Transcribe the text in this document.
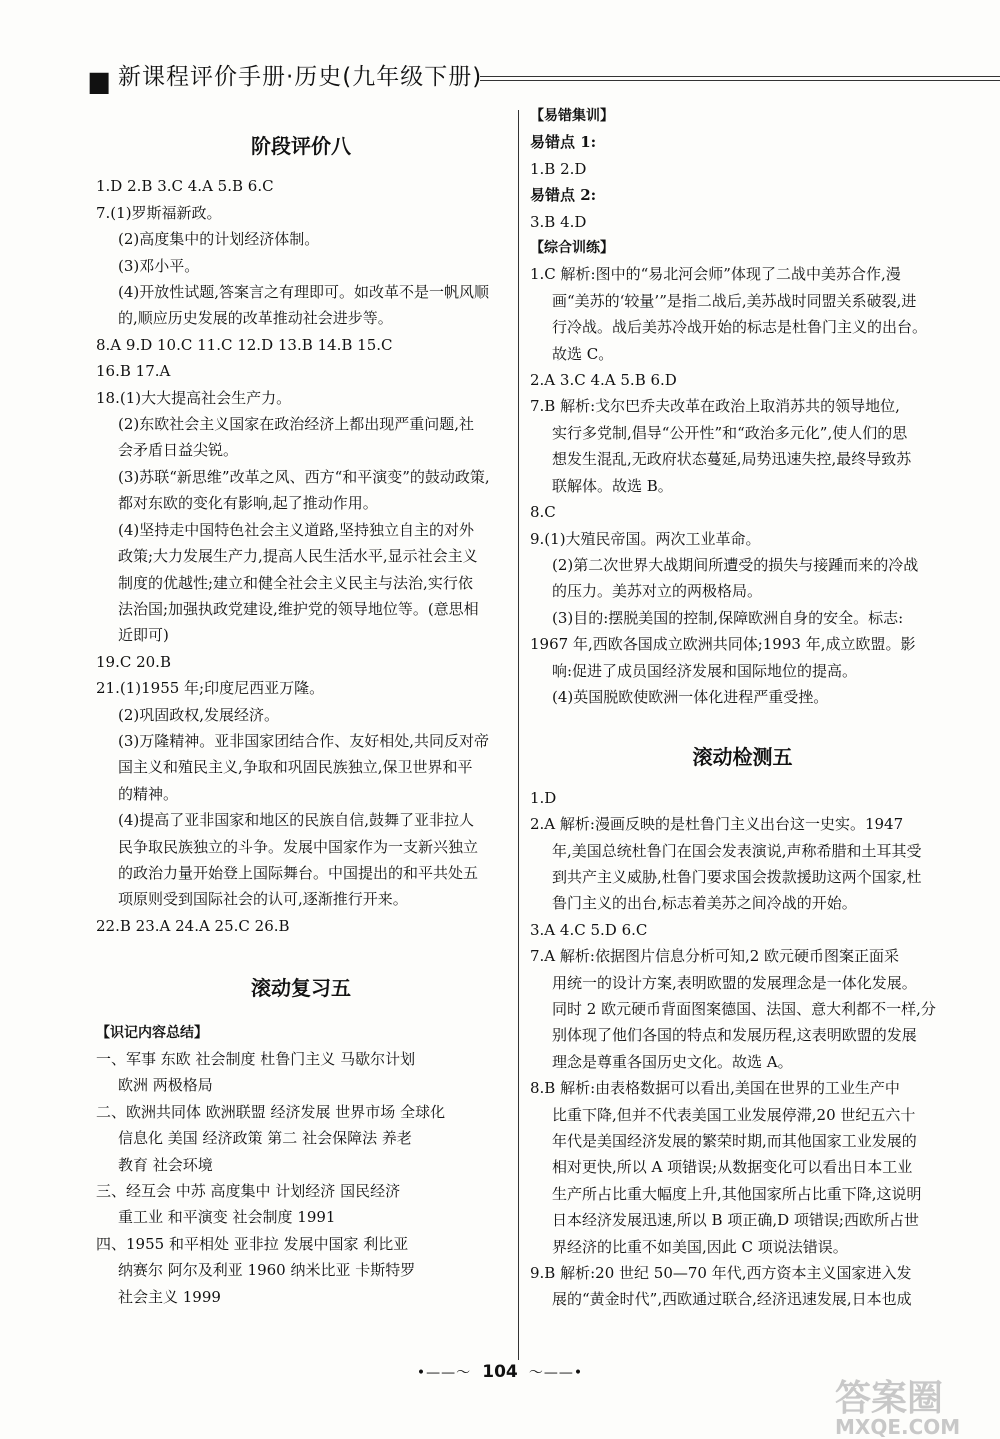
▆ 新课程评价手册·历史(九年级下册)
阶段评价八
1.D 2.B 3.C 4.A 5.B 6.C
7.(1)罗斯福新政。
(2)高度集中的计划经济体制。
(3)邓小平。
(4)开放性试题,答案言之有理即可。如改革不是一帆风顺
的,顺应历史发展的改革推动社会进步等。
8.A 9.D 10.C 11.C 12.D 13.B 14.B 15.C
16.B 17.A
18.(1)大大提高社会生产力。
(2)东欧社会主义国家在政治经济上都出现严重问题,社
会矛盾日益尖锐。
(3)苏联“新思维”改革之风、西方“和平演变”的鼓动政策,
都对东欧的变化有影响,起了推动作用。
(4)坚持走中国特色社会主义道路,坚持独立自主的对外
政策;大力发展生产力,提高人民生活水平,显示社会主义
制度的优越性;建立和健全社会主义民主与法治,实行依
法治国;加强执政党建设,维护党的领导地位等。(意思相
近即可)
19.C 20.B
21.(1)1955 年;印度尼西亚万隆。
(2)巩固政权,发展经济。
(3)万隆精神。亚非国家团结合作、友好相处,共同反对帝
国主义和殖民主义,争取和巩固民族独立,保卫世界和平
的精神。
(4)提高了亚非国家和地区的民族自信,鼓舞了亚非拉人
民争取民族独立的斗争。发展中国家作为一支新兴独立
的政治力量开始登上国际舞台。中国提出的和平共处五
项原则受到国际社会的认可,逐渐推行开来。
22.B 23.A 24.A 25.C 26.B
滚动复习五
【识记内容总结】
一、军事 东欧 社会制度 杜鲁门主义 马歇尔计划
欧洲 两极格局
二、欧洲共同体 欧洲联盟 经济发展 世界市场 全球化
信息化 美国 经济政策 第二 社会保障法 养老
教育 社会环境
三、经互会 中苏 高度集中 计划经济 国民经济
重工业 和平演变 社会制度 1991
四、1955 和平相处 亚非拉 发展中国家 利比亚
纳赛尔 阿尔及利亚 1960 纳米比亚 卡斯特罗
社会主义 1999
【易错集训】
易错点 1:
1.B 2.D
易错点 2:
3.B 4.D
【综合训练】
1.C 解析:图中的“易北河会师”体现了二战中美苏合作,漫
画“美苏的‘较量’”是指二战后,美苏战时同盟关系破裂,进
行冷战。战后美苏冷战开始的标志是杜鲁门主义的出台。
故选 C。
2.A 3.C 4.A 5.B 6.D
7.B 解析:戈尔巴乔夫改革在政治上取消苏共的领导地位,
实行多党制,倡导“公开性”和“政治多元化”,使人们的思
想发生混乱,无政府状态蔓延,局势迅速失控,最终导致苏
联解体。故选 B。
8.C
9.(1)大殖民帝国。两次工业革命。
(2)第二次世界大战期间所遭受的损失与接踵而来的冷战
的压力。美苏对立的两极格局。
(3)目的:摆脱美国的控制,保障欧洲自身的安全。标志:
1967 年,西欧各国成立欧洲共同体;1993 年,成立欧盟。影
响:促进了成员国经济发展和国际地位的提高。
(4)英国脱欧使欧洲一体化进程严重受挫。
滚动检测五
1.D
2.A 解析:漫画反映的是杜鲁门主义出台这一史实。1947
年,美国总统杜鲁门在国会发表演说,声称希腊和土耳其受
到共产主义威胁,杜鲁门要求国会拨款援助这两个国家,杜
鲁门主义的出台,标志着美苏之间冷战的开始。
3.A 4.C 5.D 6.C
7.A 解析:依据图片信息分析可知,2 欧元硬币图案正面采
用统一的设计方案,表明欧盟的发展理念是一体化发展。
同时 2 欧元硬币背面图案德国、法国、意大利都不一样,分
别体现了他们各国的特点和发展历程,这表明欧盟的发展
理念是尊重各国历史文化。故选 A。
8.B 解析:由表格数据可以看出,美国在世界的工业生产中
比重下降,但并不代表美国工业发展停滞,20 世纪五六十
年代是美国经济发展的繁荣时期,而其他国家工业发展的
相对更快,所以 A 项错误;从数据变化可以看出日本工业
生产所占比重大幅度上升,其他国家所占比重下降,这说明
日本经济发展迅速,所以 B 项正确,D 项错误;西欧所占世
界经济的比重不如美国,因此 C 项说法错误。
9.B 解析:20 世纪 50—70 年代,西方资本主义国家进入发
展的“黄金时代”,西欧通过联合,经济迅速发展,日本也成
•——〜 104 〜——•
答案圈
MXQE.COM
